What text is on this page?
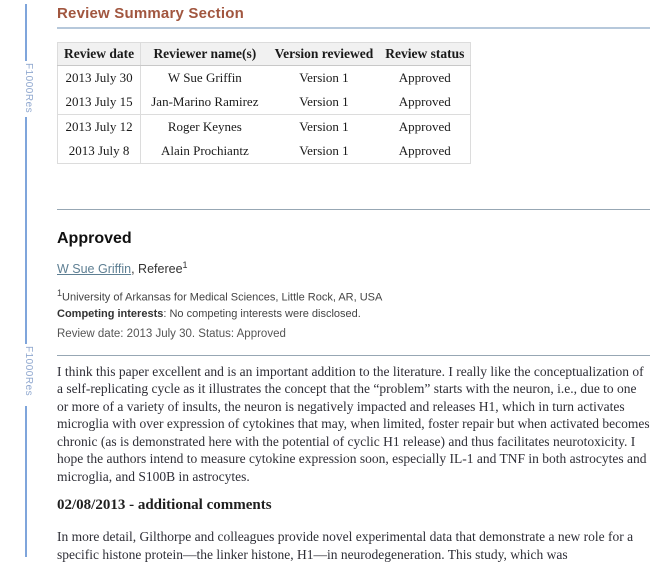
F1000Res
F1000Res
Review Summary Section
Review date	Reviewer name(s)	Version reviewed	Review status
2013 July 30	W Sue Griffin	Version 1	Approved
2013 July 15	Jan-Marino Ramirez	Version 1	Approved
2013 July 12	Roger Keynes	Version 1	Approved
2013 July 8	Alain Prochiantz	Version 1	Approved
Approved
W Sue Griffin, Referee$^1$
$^1$University of Arkansas for Medical Sciences, Little Rock, AR, USA
Competing interests: No competing interests were disclosed.
Review date: 2013 July 30. Status: Approved

I think this paper excellent and is an important addition to the literature. I really like the conceptualization of a self-replicating cycle as it illustrates the concept that the “problem” starts with the neuron, i.e., due to one or more of a variety of insults, the neuron is negatively impacted and releases H1, which in turn activates microglia with over expression of cytokines that may, when limited, foster repair but when activated becomes chronic (as is demonstrated here with the potential of cyclic H1 release) and thus facilitates neurotoxicity. I hope the authors intend to measure cytokine expression soon, especially IL-1 and TNF in both astrocytes and microglia, and S100B in astrocytes.

02/08/2013 - additional comments

In more detail, Gilthorpe and colleagues provide novel experimental data that demonstrate a new role for a specific histone protein—the linker histone, H1—in neurodegeneration. This study, which was
